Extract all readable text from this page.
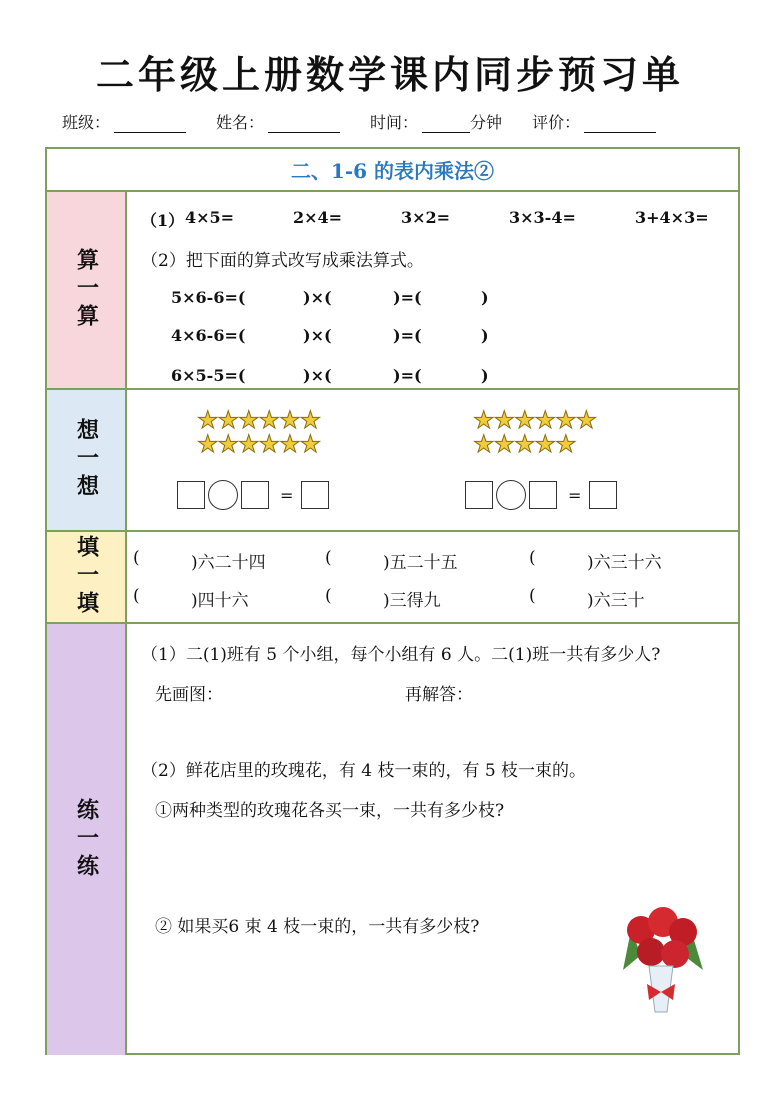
二年级上册数学课内同步预习单
班级：	姓名：	时间：	分钟 评价：
二、1-6 的表内乘法②
算一算
（1） 4×5=	2×4=	3×2=	3×3-4=	3+4×3=
（2）把下面的算式改写成乘法算式。
5×6-6=(	)×(	)=(	)
4×6-6=(	)×(	)=(	)
6×5-5=(	)×(	)=(	)
想一想	★★★★★★
★★★★★★
★★★★★★
★★★★★
=	=
填一填	(	)六二十四	(	)五二十五	(	)六三十六
(	)四十六	(	)三得九	(	)六三十
练一练
（1）二(1)班有 5 个小组，每个小组有 6 人。二(1)班一共有多少人?
先画图：	再解答：
（2）鲜花店里的玫瑰花，有 4 枝一束的，有 5 枝一束的。
①两种类型的玫瑰花各买一束，一共有多少枝?
② 如果买6 束 4 枝一束的，一共有多少枝?
